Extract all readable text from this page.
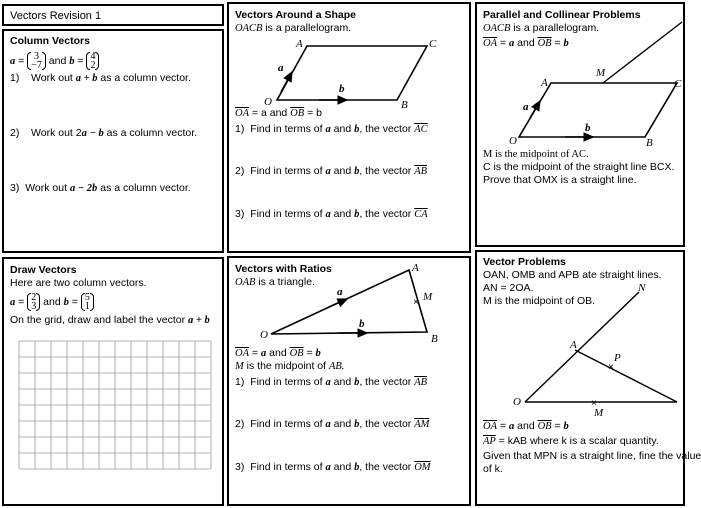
Vectors Revision 1
Column Vectors
a = 3
−7 and b = 4
2
1) Work out a + b as a column vector.
2) Work out 2a − b as a column vector.
3) Work out a − 2b as a column vector.
Draw Vectors
Here are two column vectors.
a = 2
3 and b = 5
1
On the grid, draw and label the vector a + b
Vectors Around a Shape
OACB is a parallelogram.
O
A	C
B
a
b
$\overline{OA} = a$ and $\overline{OB} = b$
1) Find in terms of a and b, the vector $\overline{AC}$
2) Find in terms of a and b, the vector $\overline{AB}$
3) Find in terms of a and b, the vector $\overline{CA}$
Vectors with Ratios
OAB is a triangle.
×
O
A
B
M
a
b
$\overline{OA} = a$ and $\overline{OB} = b$
M is the midpoint of AB.
1) Find in terms of a and b, the vector $\overline{AB}$
2) Find in terms of a and b, the vector $\overline{AM}$
3) Find in terms of a and b, the vector $\overline{OM}$
Parallel and Collinear Problems
OACB is a parallelogram.
$\overline{OA} = a$ and $\overline{OB} = b$
O
A
M
C
B
a
b
M is the midpoint of AC.
C is the midpoint of the straight line BCX.
Prove that OMX is a straight line.
Vector Problems
OAN, OMB and APB ate straight lines.
AN = 2OA.
M is the midpoint of OB.
×
×
O
A
N
P
M
$\overline{OA} = a$ and $\overline{OB} = b$
$\overline{AP}$ = kAB where k is a scalar quantity.
Given that MPN is a straight line, fine the value
of k.
